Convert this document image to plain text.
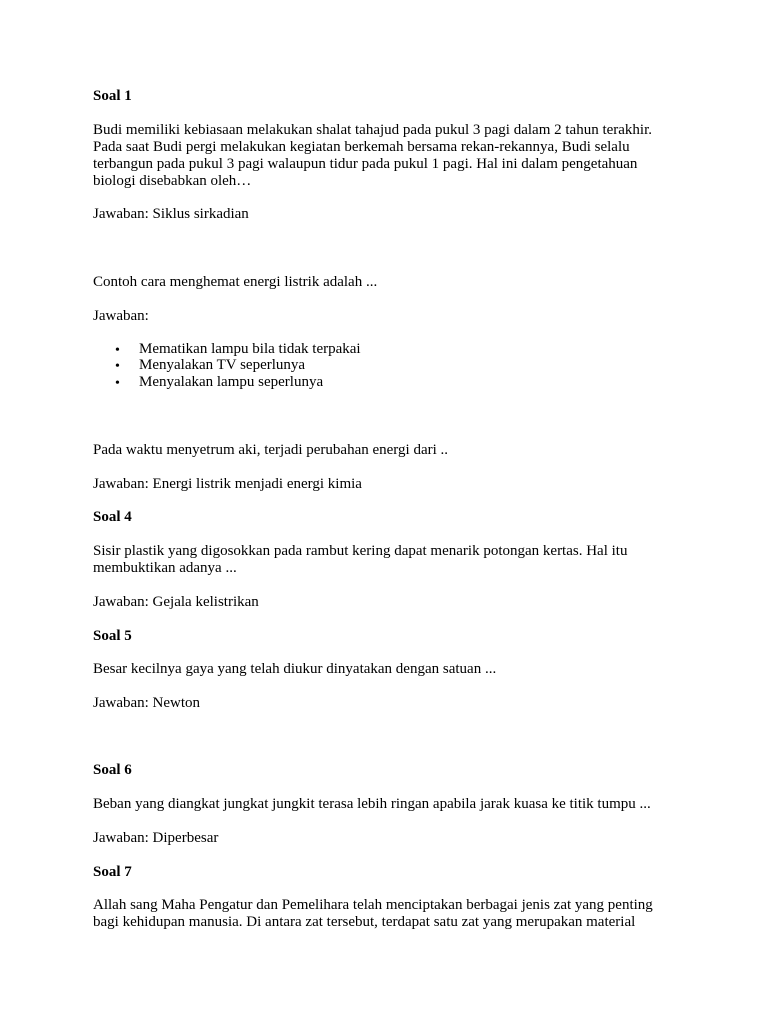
Soal 1
Budi memiliki kebiasaan melakukan shalat tahajud pada pukul 3 pagi dalam 2 tahun terakhir.
Pada saat Budi pergi melakukan kegiatan berkemah bersama rekan-rekannya, Budi selalu
terbangun pada pukul 3 pagi walaupun tidur pada pukul 1 pagi. Hal ini dalam pengetahuan
biologi disebabkan oleh…
Jawaban: Siklus sirkadian
Contoh cara menghemat energi listrik adalah ...
Jawaban:
• Mematikan lampu bila tidak terpakai
• Menyalakan TV seperlunya
• Menyalakan lampu seperlunya
Pada waktu menyetrum aki, terjadi perubahan energi dari ..
Jawaban: Energi listrik menjadi energi kimia
Soal 4
Sisir plastik yang digosokkan pada rambut kering dapat menarik potongan kertas. Hal itu
membuktikan adanya ...
Jawaban: Gejala kelistrikan
Soal 5
Besar kecilnya gaya yang telah diukur dinyatakan dengan satuan ...
Jawaban: Newton
Soal 6
Beban yang diangkat jungkat jungkit terasa lebih ringan apabila jarak kuasa ke titik tumpu ...
Jawaban: Diperbesar
Soal 7
Allah sang Maha Pengatur dan Pemelihara telah menciptakan berbagai jenis zat yang penting
bagi kehidupan manusia. Di antara zat tersebut, terdapat satu zat yang merupakan material
